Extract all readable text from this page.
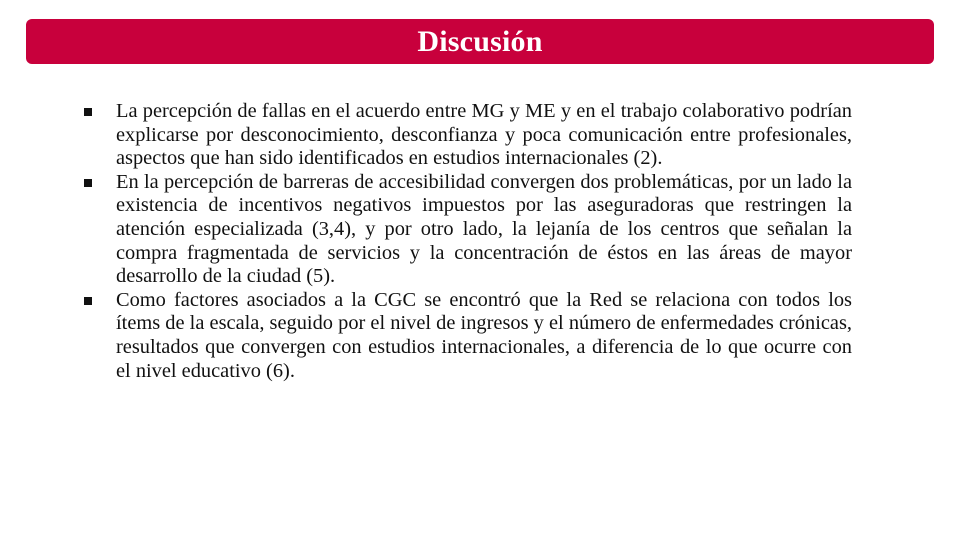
Discusión
La percepción de fallas en el acuerdo entre MG y ME y en el trabajo colaborativo podrían explicarse por desconocimiento, desconfianza y poca comunicación entre profesionales, aspectos que han sido identificados en estudios internacionales (2).
En la percepción de barreras de accesibilidad convergen dos problemáticas, por un lado la existencia de incentivos negativos impuestos por las aseguradoras que restringen la atención especializada (3,4), y por otro lado, la lejanía de los centros que señalan la compra fragmentada de servicios y la concentración de éstos en las áreas de mayor desarrollo de la ciudad (5).
Como factores asociados a la CGC se encontró que la Red se relaciona con todos los ítems de la escala, seguido por el nivel de ingresos y el número de enfermedades crónicas, resultados que convergen con estudios internacionales, a diferencia de lo que ocurre con el nivel educativo (6).
